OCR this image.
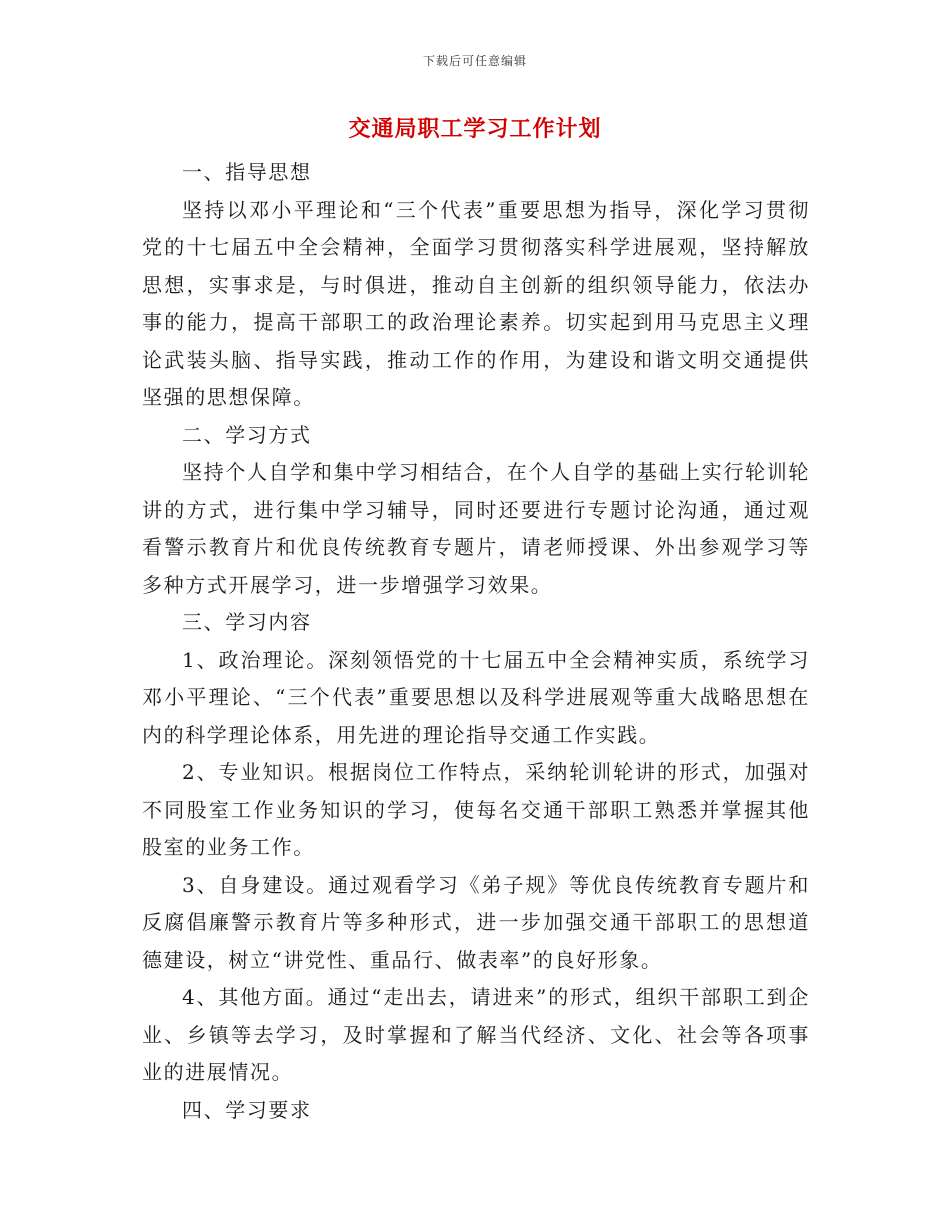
下载后可任意编辑
交通局职工学习工作计划

一、指导思想

坚持以邓小平理论和“三个代表”重要思想为指导，深化学习贯彻党的十七届五中全会精神，全面学习贯彻落实科学进展观，坚持解放思想，实事求是，与时俱进，推动自主创新的组织领导能力，依法办事的能力，提高干部职工的政治理论素养。切实起到用马克思主义理论武装头脑、指导实践，推动工作的作用，为建设和谐文明交通提供坚强的思想保障。

二、学习方式

坚持个人自学和集中学习相结合，在个人自学的基础上实行轮训轮讲的方式，进行集中学习辅导，同时还要进行专题讨论沟通，通过观看警示教育片和优良传统教育专题片，请老师授课、外出参观学习等多种方式开展学习，进一步增强学习效果。

三、学习内容

1、政治理论。深刻领悟党的十七届五中全会精神实质，系统学习邓小平理论、“三个代表”重要思想以及科学进展观等重大战略思想在内的科学理论体系，用先进的理论指导交通工作实践。

2、专业知识。根据岗位工作特点，采纳轮训轮讲的形式，加强对不同股室工作业务知识的学习，使每名交通干部职工熟悉并掌握其他股室的业务工作。

3、自身建设。通过观看学习《弟子规》等优良传统教育专题片和反腐倡廉警示教育片等多种形式，进一步加强交通干部职工的思想道德建设，树立“讲党性、重品行、做表率”的良好形象。

4、其他方面。通过“走出去，请进来”的形式，组织干部职工到企业、乡镇等去学习，及时掌握和了解当代经济、文化、社会等各项事业的进展情况。

四、学习要求
